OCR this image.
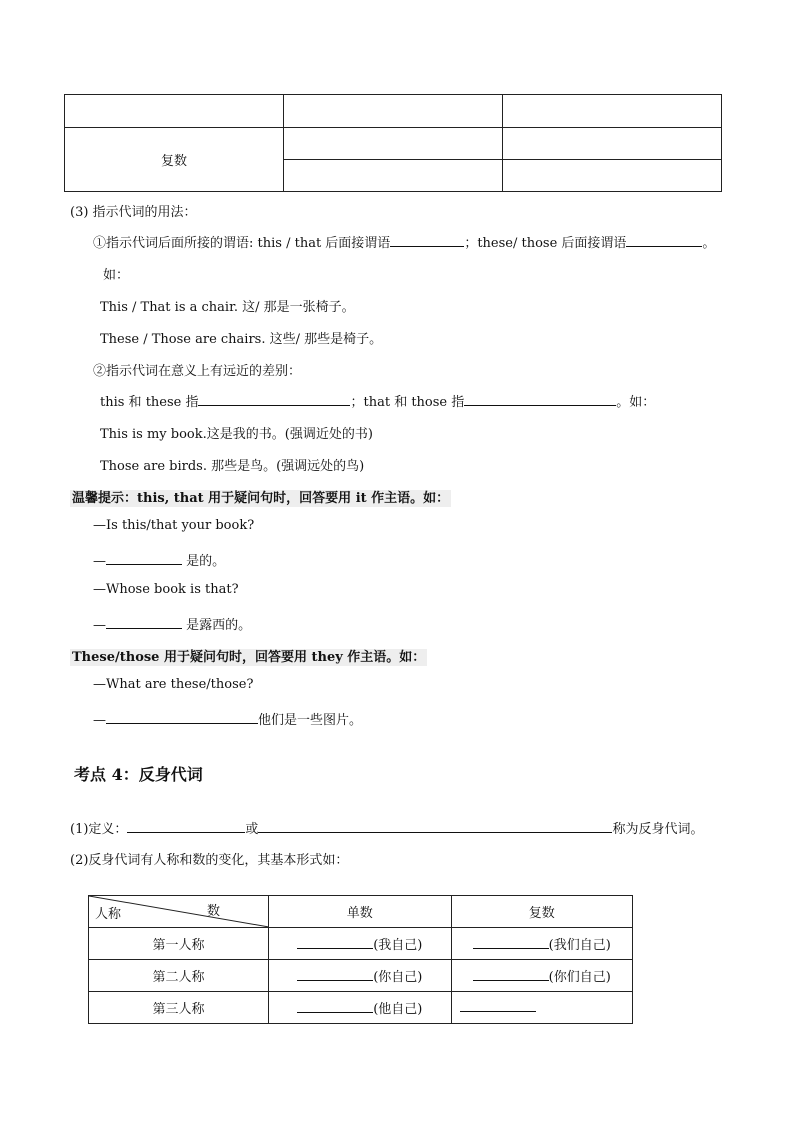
复数		

(3) 指示代词的用法：
①指示代词后面所接的谓语: this / that 后面接谓语	；these/ those 后面接谓语	。
如：
This / That is a chair. 这/ 那是一张椅子。
These / Those are chairs. 这些/ 那些是椅子。
②指示代词在意义上有远近的差别：
this 和 these 指	；that 和 those 指	。如：
This is my book.这是我的书。(强调近处的书)
Those are birds. 那些是鸟。(强调远处的鸟)
温馨提示：this, that 用于疑问句时，回答要用 it 作主语。如：
—Is this/that your book?
—	是的。
—Whose book is that?
—	是露西的。
These/those 用于疑问句时，回答要用 they 作主语。如：
—What are these/those?
—	他们是一些图片。
考点 4：反身代词
(1)定义：	或	称为反身代词。
(2)反身代词有人称和数的变化，其基本形式如：
人称 数	单数	复数
第一人称	(我自己)	(我们自己)
第二人称	(你自己)	(你们自己)
第三人称	(他自己)	
